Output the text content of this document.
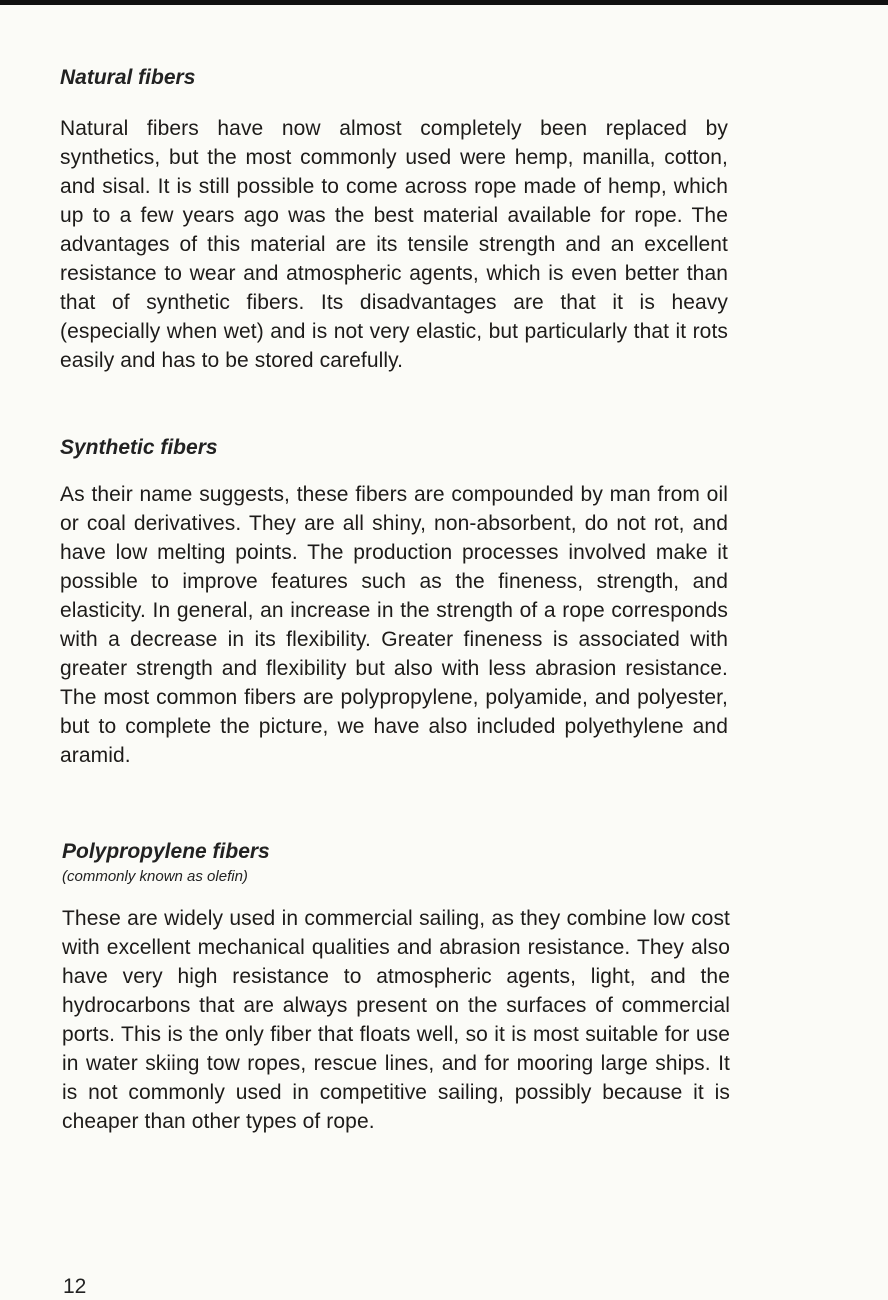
Natural fibers

Natural fibers have now almost completely been replaced by synthetics, but the most commonly used were hemp, manilla, cotton, and sisal. It is still possible to come across rope made of hemp, which up to a few years ago was the best material available for rope. The advantages of this material are its tensile strength and an excellent resistance to wear and atmospheric agents, which is even better than that of synthetic fibers. Its disadvantages are that it is heavy (especially when wet) and is not very elastic, but particularly that it rots easily and has to be stored carefully.

Synthetic fibers

As their name suggests, these fibers are compounded by man from oil or coal derivatives. They are all shiny, non-absorbent, do not rot, and have low melting points. The production processes involved make it possible to improve features such as the fineness, strength, and elasticity. In general, an increase in the strength of a rope corresponds with a decrease in its flexibility. Greater fineness is associated with greater strength and flexibility but also with less abrasion resistance. The most common fibers are polypropylene, polyamide, and polyester, but to complete the picture, we have also included polyethylene and aramid.

Polypropylene fibers
(commonly known as olefin)

These are widely used in commercial sailing, as they combine low cost with excellent mechanical qualities and abrasion resistance. They also have very high resistance to atmospheric agents, light, and the hydrocarbons that are always present on the surfaces of commercial ports. This is the only fiber that floats well, so it is most suitable for use in water skiing tow ropes, rescue lines, and for mooring large ships. It is not commonly used in competitive sailing, possibly because it is cheaper than other types of rope.

12
